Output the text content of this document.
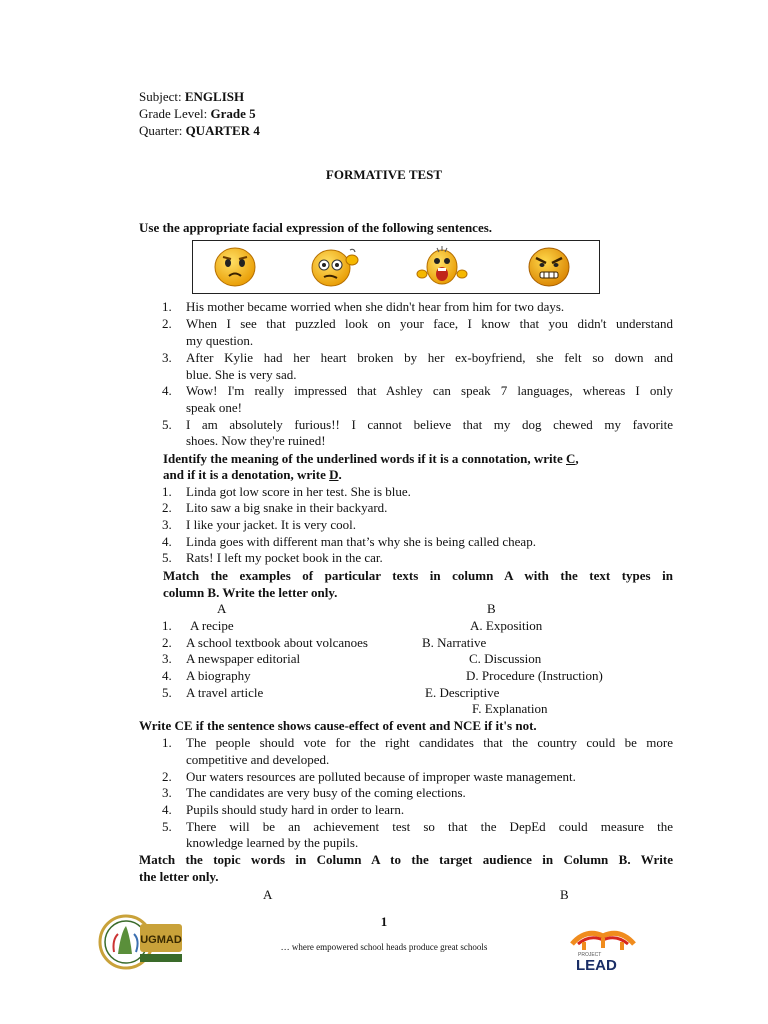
Subject: ENGLISH
Grade Level: Grade 5
Quarter: QUARTER 4
FORMATIVE TEST
Use the appropriate facial expression of the following sentences.
1. His mother became worried when she didn't hear from him for two days.
2. When I see that puzzled look on your face, I know that you didn't understand
my question.
3. After Kylie had her heart broken by her ex-boyfriend, she felt so down and
blue. She is very sad.
4. Wow! I'm really impressed that Ashley can speak 7 languages, whereas I only
speak one!
5. I am absolutely furious!! I cannot believe that my dog chewed my favorite
shoes. Now they're ruined!
Identify the meaning of the underlined words if it is a connotation, write C,
and if it is a denotation, write D.
1. Linda got low score in her test. She is blue.
2. Lito saw a big snake in their backyard.
3. I like your jacket. It is very cool.
4. Linda goes with different man that’s why she is being called cheap.
5. Rats! I left my pocket book in the car.
Match the examples of particular texts in column A with the text types in
column B. Write the letter only.
A	B
1. A recipe
2. A school textbook about volcanoes
3. A newspaper editorial
4. A biography
5. A travel article
A. Exposition
B. Narrative
C. Discussion
D. Procedure (Instruction)
E. Descriptive
F. Explanation
Write CE if the sentence shows cause-effect of event and NCE if it's not.
1. The people should vote for the right candidates that the country could be more
competitive and developed.
2. Our waters resources are polluted because of improper waste management.
3. The candidates are very busy of the coming elections.
4. Pupils should study hard in order to learn.
5. There will be an achievement test so that the DepEd could measure the
knowledge learned by the pupils.
Match the topic words in Column A to the target audience in Column B. Write
the letter only.
A	B
1
… where empowered school heads produce great schools
UGMAD
PROJECT
LEAD
